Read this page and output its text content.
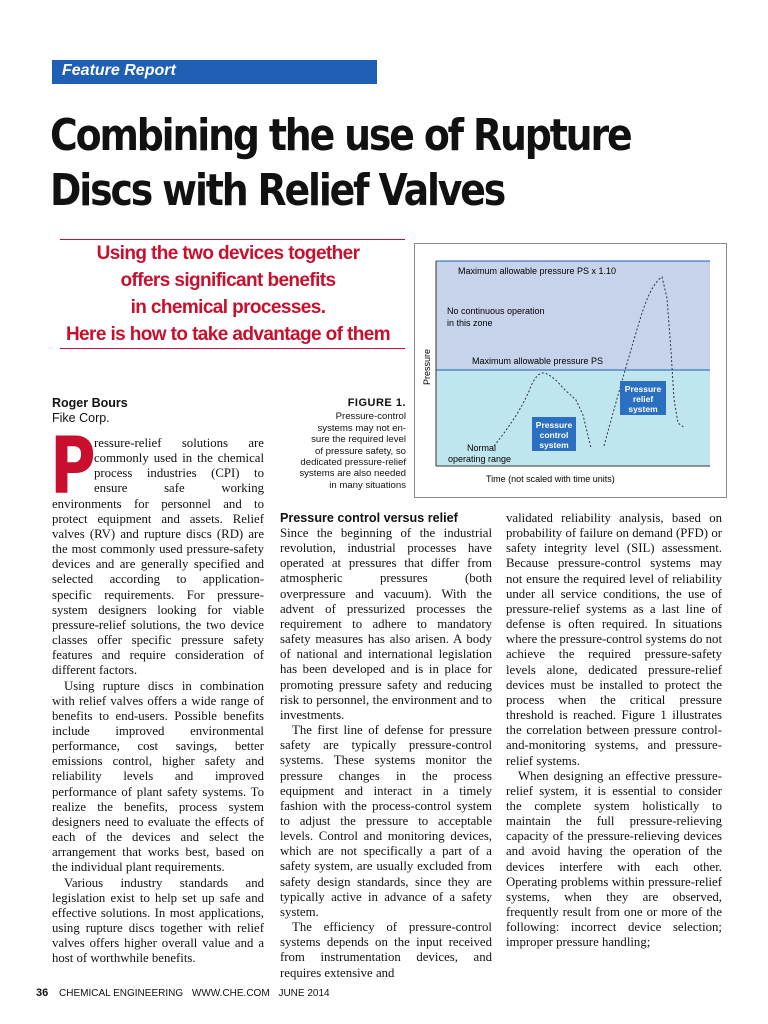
Feature Report
Combining the use of Rupture
Discs with Relief Valves
Using the two devices together
offers significant benefits
in chemical processes.
Here is how to take advantage of them
Roger Bours
Fike Corp.
FIGURE 1.
Pressure-control
systems may not en-
sure the required level
of pressure safety, so
dedicated pressure-relief
systems are also needed
in many situations
Maximum allowable pressure PS x 1.10
No continuous operation
in this zone
Maximum allowable pressure PS
Pressure
Time (not scaled with time units)
Normal
operating range
Pressure
control
system
Pressure
relief
system
P

ressure-relief solutions are commonly used in the chemical process industries (CPI) to ensure safe working environments for personnel and to protect equipment and assets. Relief valves (RV) and rupture discs (RD) are the most commonly used pressure-safety devices and are generally specified and selected according to application-specific requirements. For pressure-system designers looking for viable pressure-relief solutions, the two device classes offer specific pressure safety features and require consideration of different factors.

Using rupture discs in combination with relief valves offers a wide range of benefits to end-users. Possible benefits include improved environmental performance, cost savings, better emissions control, higher safety and reliability levels and improved performance of plant safety systems. To realize the benefits, process system designers need to evaluate the effects of each of the devices and select the arrangement that works best, based on the individual plant requirements.

Various industry standards and legislation exist to help set up safe and effective solutions. In most applications, using rupture discs together with relief valves offers higher overall value and a host of worthwhile benefits.

Pressure control versus relief

Since the beginning of the industrial revolution, industrial processes have operated at pressures that differ from atmospheric pressures (both overpressure and vacuum). With the advent of pressurized processes the requirement to adhere to mandatory safety measures has also arisen. A body of national and international legislation has been developed and is in place for promoting pressure safety and reducing risk to personnel, the environment and to investments.

The first line of defense for pressure safety are typically pressure-control systems. These systems monitor the pressure changes in the process equipment and interact in a timely fashion with the process-control system to adjust the pressure to acceptable levels. Control and monitoring devices, which are not specifically a part of a safety system, are usually excluded from safety design standards, since they are typically active in advance of a safety system.

The efficiency of pressure-control systems depends on the input received from instrumentation devices, and requires extensive and

validated reliability analysis, based on probability of failure on demand (PFD) or safety integrity level (SIL) assessment. Because pressure-control systems may not ensure the required level of reliability under all service conditions, the use of pressure-relief systems as a last line of defense is often required. In situations where the pressure-control systems do not achieve the required pressure-safety levels alone, dedicated pressure-relief devices must be installed to protect the process when the critical pressure threshold is reached. Figure 1 illustrates the correlation between pressure control-and-monitoring systems, and pressure-relief systems.

When designing an effective pressure-relief system, it is essential to consider the complete system holistically to maintain the full pressure-relieving capacity of the pressure-relieving devices and avoid having the operation of the devices interfere with each other. Operating problems within pressure-relief systems, when they are observed, frequently result from one or more of the following: incorrect device selection; improper pressure handling;

36 CHEMICAL ENGINEERING WWW.CHE.COM JUNE 2014
